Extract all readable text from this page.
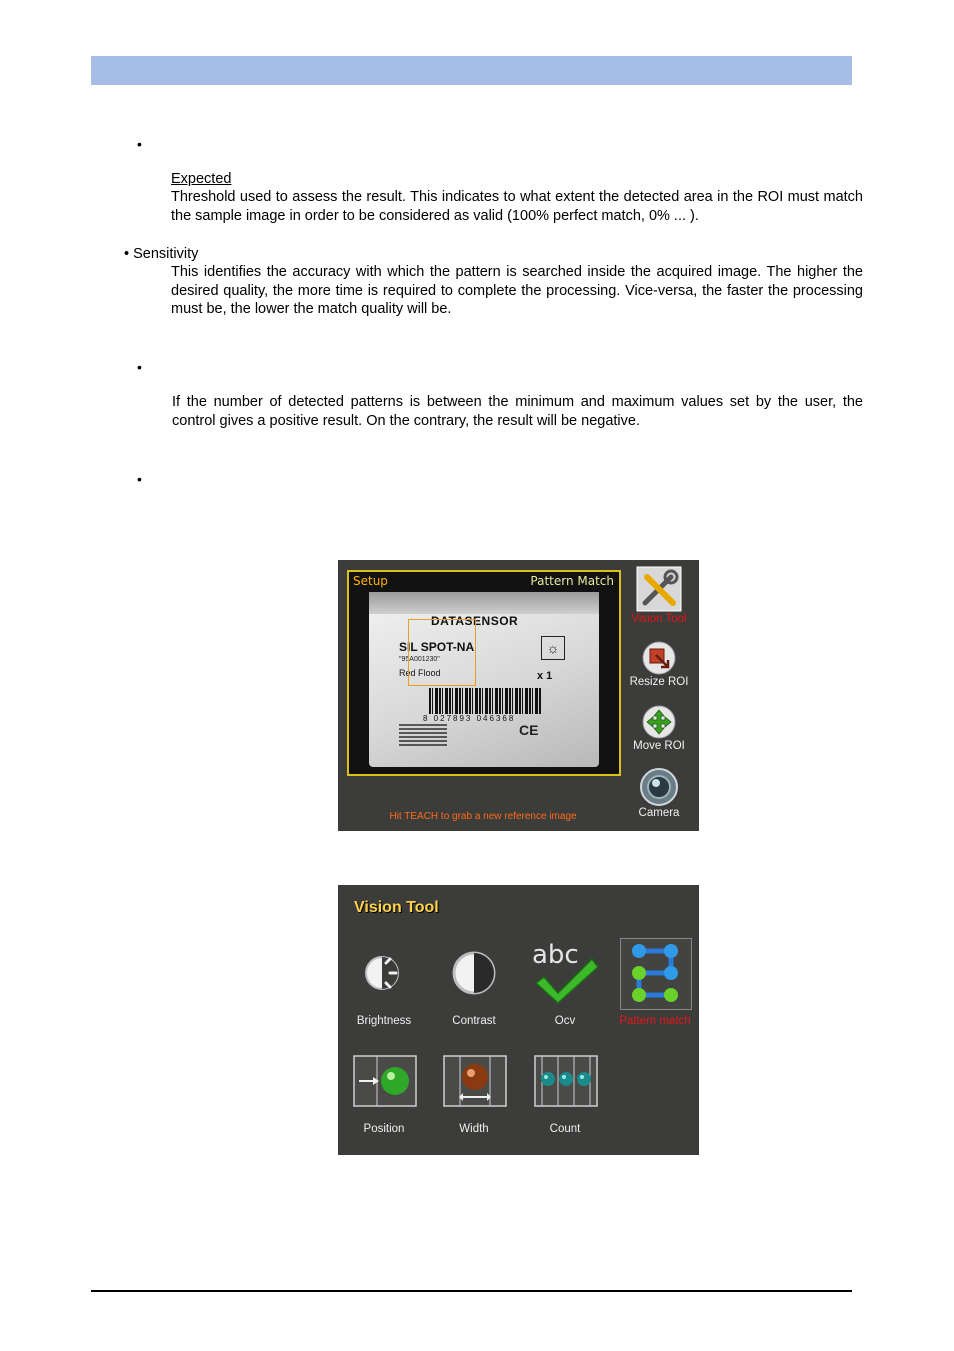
•
Expected
Threshold used to assess the result. This indicates to what extent the detected area in the ROI must match the sample image in order to be considered as valid (100% perfect match, 0% ... ).
• Sensitivity
This identifies the accuracy with which the pattern is searched inside the acquired image. The higher the desired quality, the more time is required to complete the processing. Vice-versa, the faster the processing must be, the lower the match quality will be.
•
If the number of detected patterns is between the minimum and maximum values set by the user, the control gives a positive result. On the contrary, the result will be negative.
•
Setup	Pattern Match
DATASENSOR
SIL SPOT-NA
"95A001230"
Red Flood
☼
x 1
8 027893 046368
CE
Vision Tool
Resize ROI
Move ROI
Camera
Hit TEACH to grab a new reference image
Vision Tool
Brightness	Contrast
abc
Ocv	Pattern match
Position	Width	Count
